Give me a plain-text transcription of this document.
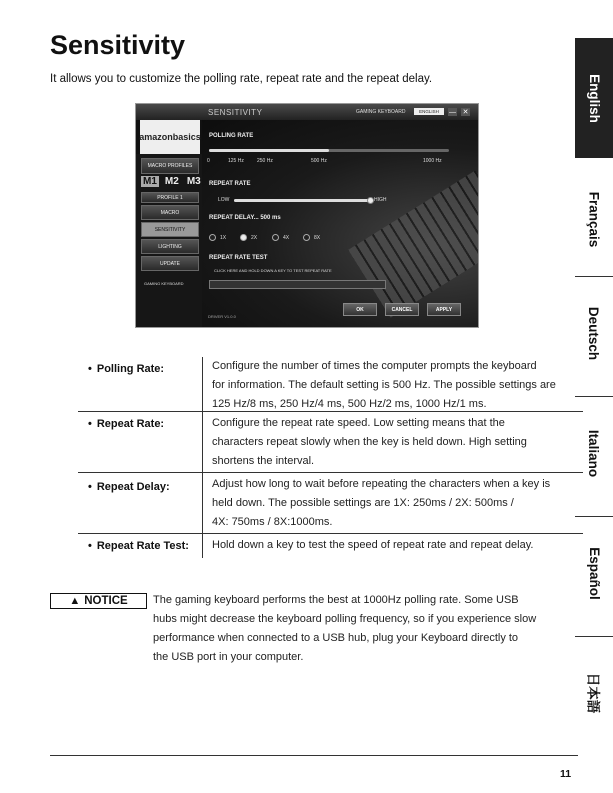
Sensitivity

It allows you to customize the polling rate, repeat rate and the repeat delay.	English
Français
Deutsch
Italiano
Español
日本語
SENSITIVITY	GAMING KEYBOARD	ENGLISH	— ✕
amazonbasics
MACRO PROFILES
M1 M2 M3
PROFILE 1
MACRO
SENSITIVITY
LIGHTING
UPDATE
GAMING KEYBOARD
POLLING RATE
0	125 Hz	250 Hz	500 Hz	1000 Hz
REPEAT RATE
LOW	HIGH
REPEAT DELAY... 500 ms
1X	2X	4X	8X
REPEAT RATE TEST
CLICK HERE AND HOLD DOWN A KEY TO TEST REPEAT RATE
OK	CANCEL	APPLY
DRIVER V1.0.0
• Polling Rate:	Configure the number of times the computer prompts the keyboard
for information. The default setting is 500 Hz. The possible settings are
125 Hz/8 ms, 250 Hz/4 ms, 500 Hz/2 ms, 1000 Hz/1 ms.
• Repeat Rate:	Configure the repeat rate speed. Low setting means that the
characters repeat slowly when the key is held down. High setting
shortens the interval.
• Repeat Delay:	Adjust how long to wait before repeating the characters when a key is
held down. The possible settings are 1X: 250ms / 2X: 500ms /
4X: 750ms / 8X:1000ms.
• Repeat Rate Test: Hold down a key to test the speed of repeat rate and repeat delay.
▲ NOTICE The gaming keyboard performs the best at 1000Hz polling rate. Some USB
hubs might decrease the keyboard polling frequency, so if you experience slow
performance when connected to a USB hub, plug your Keyboard directly to
the USB port in your computer.
11
